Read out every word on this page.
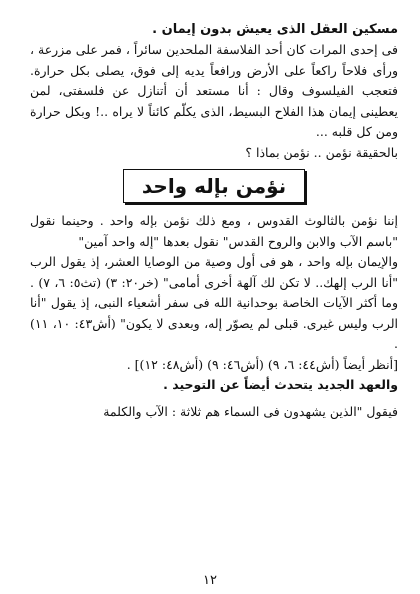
مسكين العقل الذى يعيش بدون إيمان .

فى إحدى المرات كان أحد الفلاسفة الملحدين سائراً ، فمر على مزرعة ، ورأى فلاحاً راكعاً على الأرض ورافعاً يديه إلى فوق، يصلى بكل حرارة. فتعجب الفيلسوف وقال : أنا مستعد أن أتنازل عن فلسفتى، لمن يعطينى إيمان هذا الفلاح البسيط، الذى يكلّم كائناً لا يراه ..! وبكل حرارة ومن كل قلبه ...

بالحقيقة نؤمن .. نؤمن بماذا ؟

نؤمن بإله واحد

إننا نؤمن بالثالوث القدوس ، ومع ذلك نؤمن بإله واحد . وحينما نقول "باسم الآب والابن والروح القدس" نقول بعدها "إله واحد آمين"

والإيمان بإله واحد ، هو فى أول وصية من الوصايا العشر، إذ يقول الرب "أنا الرب إلهك.. لا تكن لك آلهة أخرى أمامى" (خر٢٠: ٣) (تث٥: ٦، ٧) . وما أكثر الآيات الخاصة بوحدانية الله فى سفر أشعياء النبى، إذ يقول "أنا الرب وليس غيرى. قبلى لم يصوّر إله، وبعدى لا يكون" (أش٤٣: ١٠، ١١) .

[أنظر أيضاً (أش٤٤: ٦، ٩) (أش٤٦: ٩) (أش٤٨: ١٢)] .

والعهد الجديد يتحدث أيضاً عن التوحيد .

فيقول "الذين يشهدون فى السماء هم ثلاثة : الآب والكلمة

١٢
